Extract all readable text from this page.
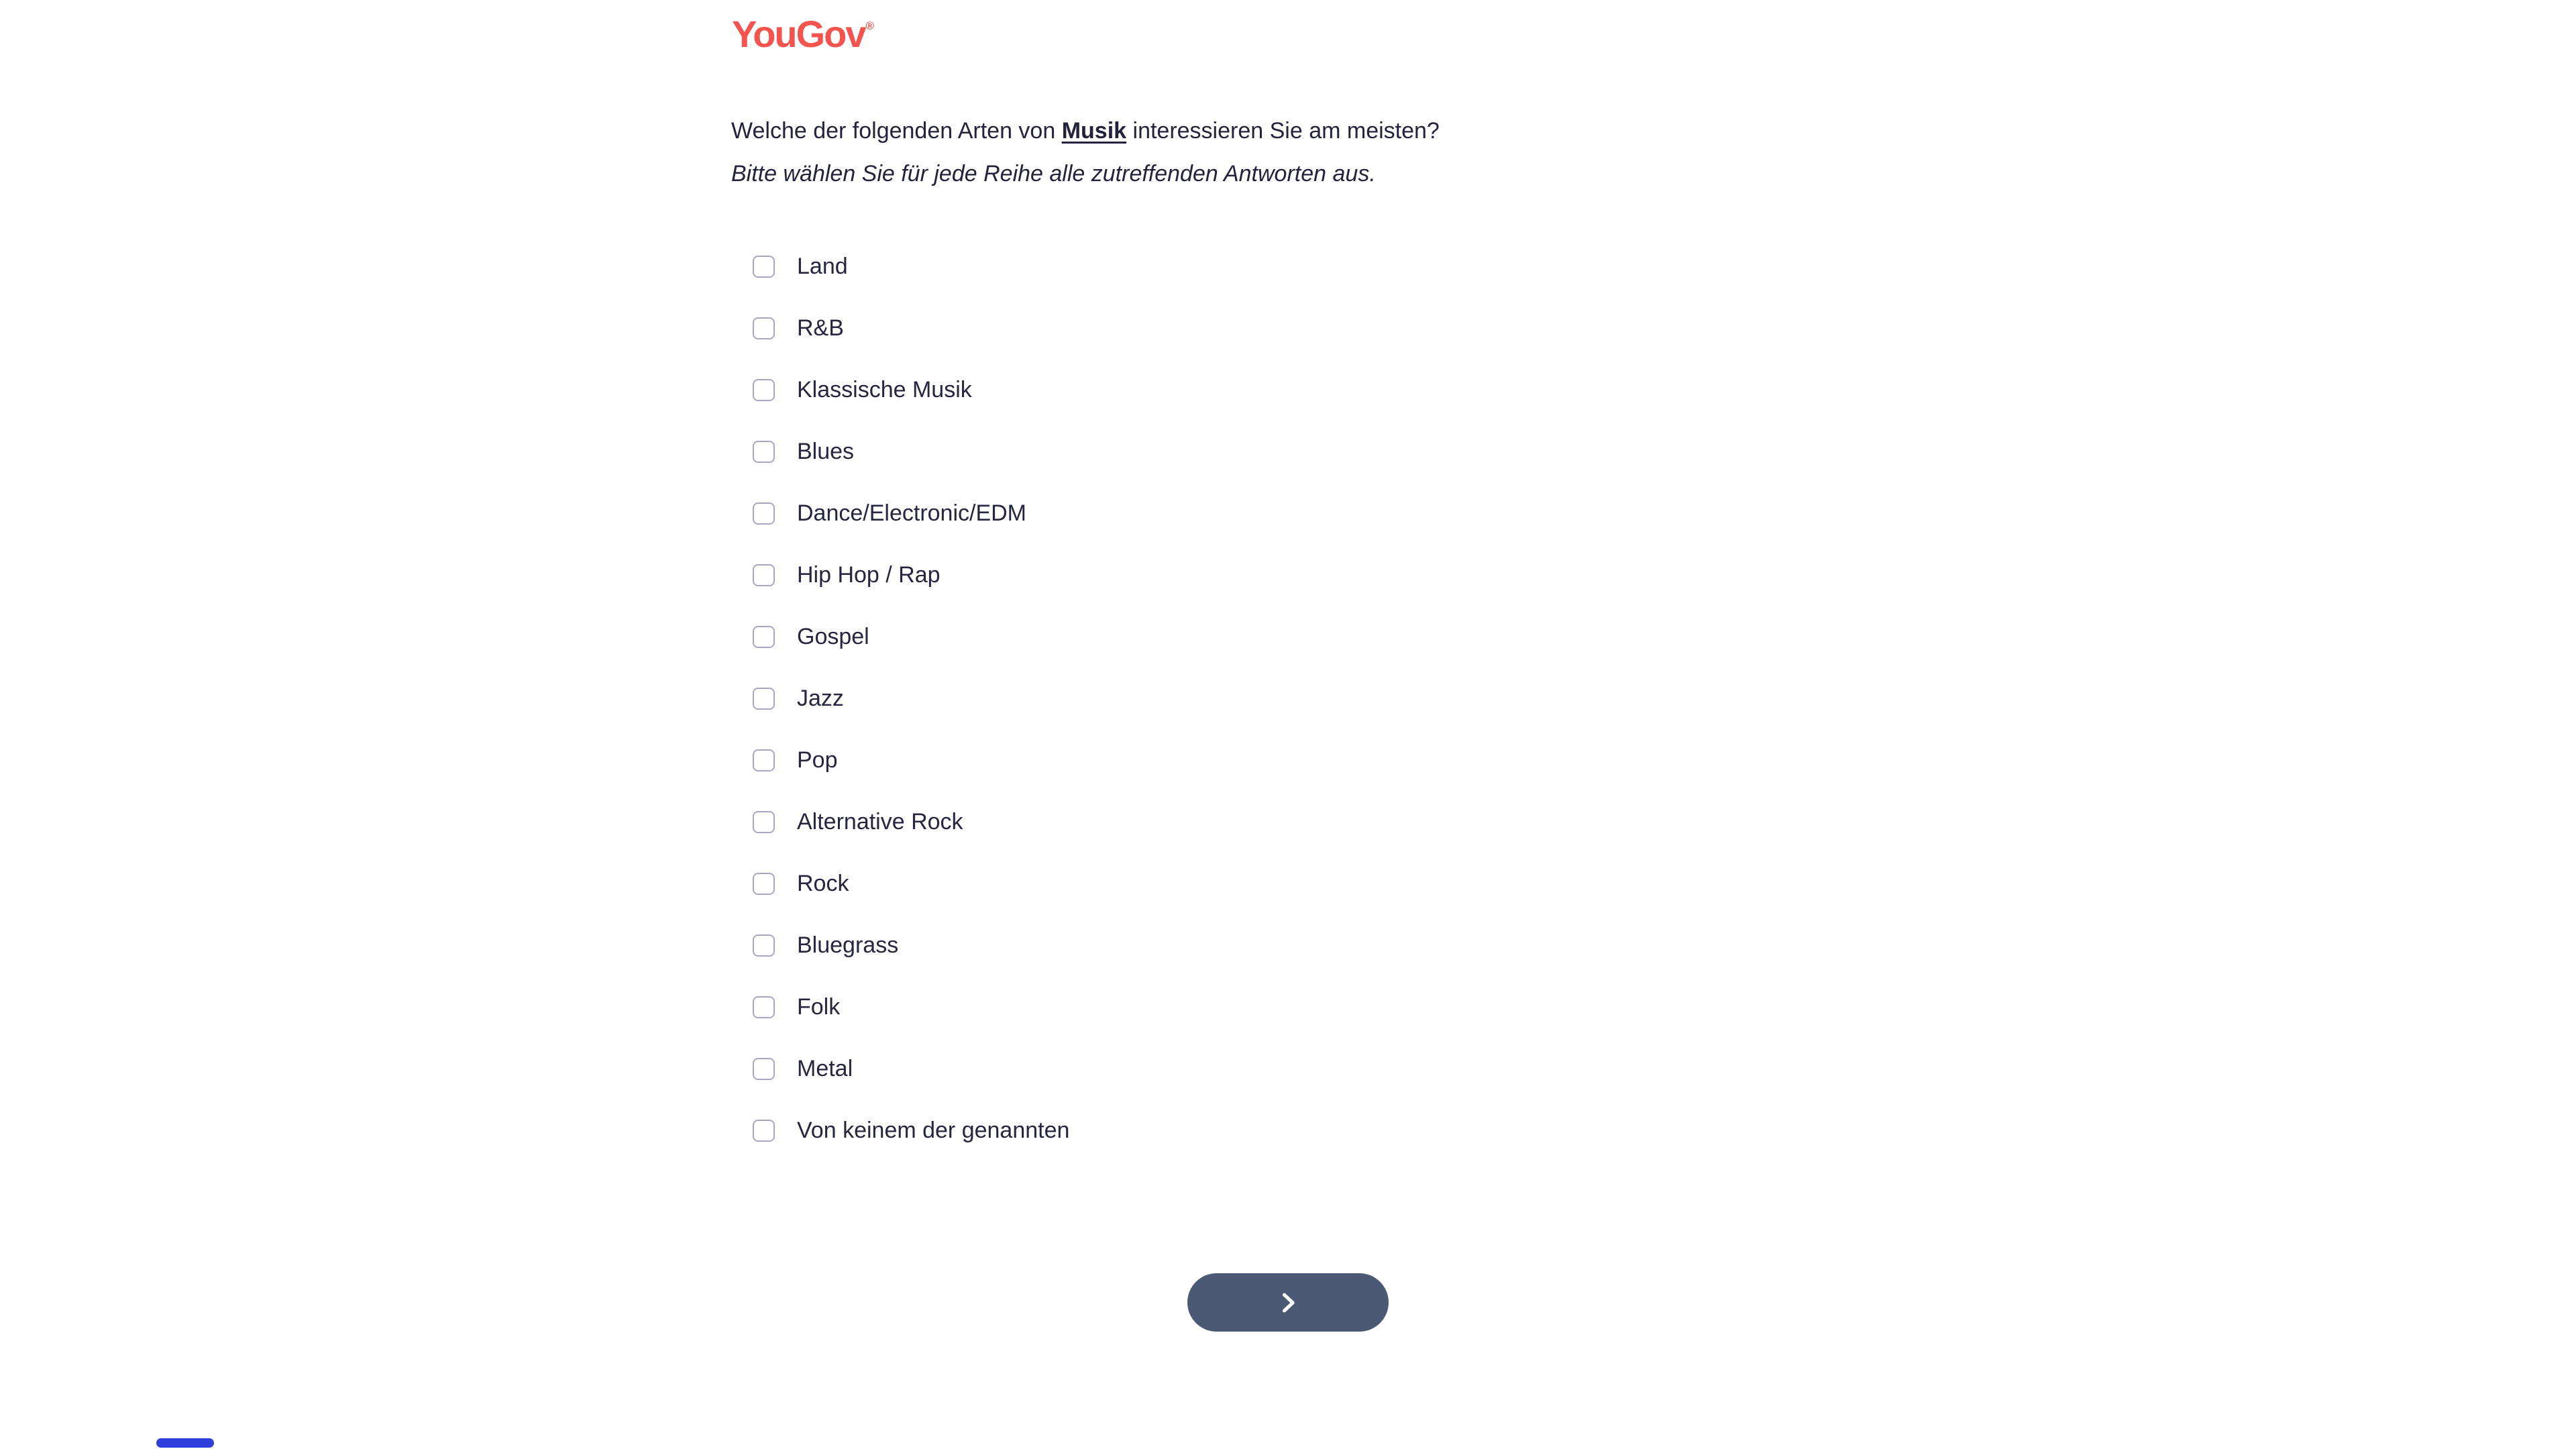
YouGov®
Welche der folgenden Arten von Musik interessieren Sie am meisten?
Bitte wählen Sie für jede Reihe alle zutreffenden Antworten aus.
Land
R&B
Klassische Musik
Blues
Dance/Electronic/EDM
Hip Hop / Rap
Gospel
Jazz
Pop
Alternative Rock
Rock
Bluegrass
Folk
Metal
Von keinem der genannten
